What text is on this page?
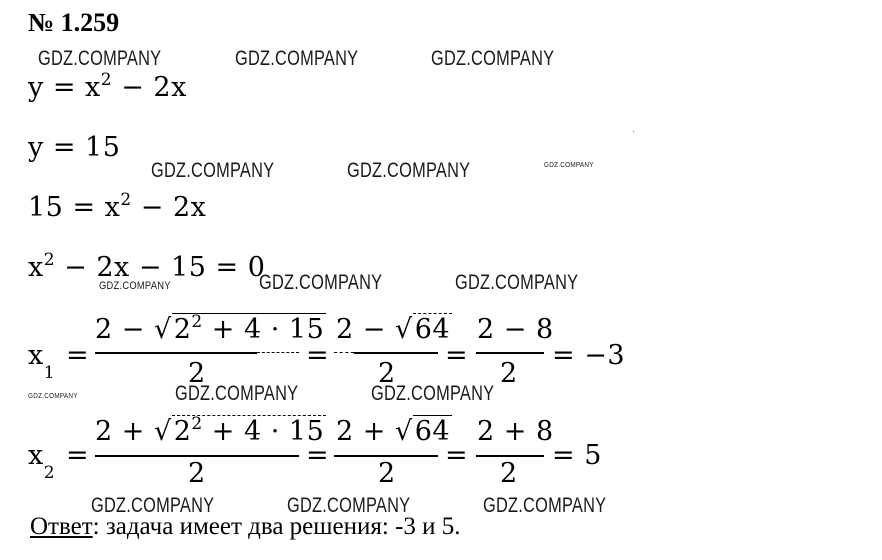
№ 1.259
GDZ.COMPANY	GDZ.COMPANY	GDZ.COMPANY
$y = x^2 - 2x$
y = 15
GDZ.COMPANY	GDZ.COMPANY	GDZ.COMPANY
$15 = x^2 - 2x$
$x^2 - 2x - 15 = 0$
GDZ.COMPANY	GDZ.COMPANY
GDZ.COMPANY
$x_1$
=
$2 - √2^2 + 4 \cdot 15$
2
=
2 − √64
2
=
2 − 8
2
= −3
GDZ.COMPANY	GDZ.COMPANY
GDZ.COMPANY
$x_2$
=
$2 + √2^2 + 4 \cdot 15$
2
=
2 + √64
2
=
2 + 8
2
= 5
GDZ.COMPANY	GDZ.COMPANY	GDZ.COMPANY
Ответ: задача имеет два решения: -3 и 5.
